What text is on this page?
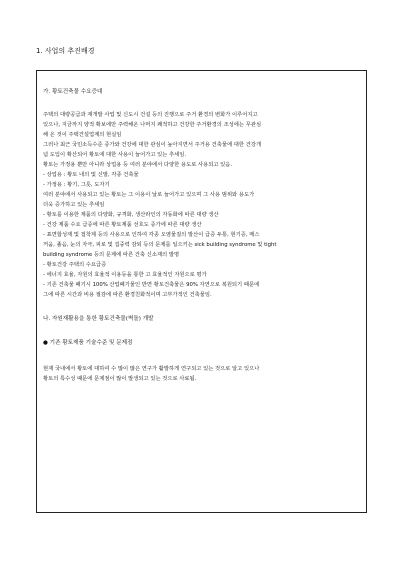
1. 사업의 추진배경
가. 황토건축물 수요증대
주택의 대량공급과 재개발 사업 및 신도시 건설 등의 진행으로 주거 환경의 변화가 이루어지고
있으나, 지금까지 양적 확보에만 주력해온 나머지 쾌적하고 건강한 주거환경의 조성에는 무관심
해 온 것이 주택건설업계의 현실임
그러나 최근 국민소득수준 증가와 건강에 대한 관심이 높아지면서 주거용 건축물에 대한 건강개
념 도입이 확산되어 황토에 대한 사용이 늘어가고 있는 추세임.
황토는 가정용 뿐만 아니라 상업용 등 여러 분야에서 다양한 용도로 사용되고 있음.
- 상업용 : 황토 내의 및 신발, 각종 건축물
- 가정용 : 황기, 그릇, 도자기
여러 분야에서 사용되고 있는 황토는 그 이용이 날로 늘어가고 있으며 그 사용 범위와 용도가
더욱 증가하고 있는 추세임
- 황토를 이용한 제품의 다양화, 규격화, 생산라인의 자동화에 따른 대량 생산
- 건강 제품 수요 급증에 따른 황토제품 선호도 증가에 따른 대량 생산
- 표면합성재 및 접착제 등의 사용으로 인하여 각종 오염물질의 발산이 급증 두통, 현기증, 메스
꺼움, 졸음, 눈의 자극, 피로 및 집중력 감퇴 등의 문제를 일으키는 sick building syndrome 및 tight
building syndrome 등의 문제에 따른 건축 신소재의 발명
- 황토건강 주택의 수요급증
- 에너지 효율, 자원의 효율적 이용등을 통한 고 효율적인 자원으로 평가
- 기존 건축물 폐기시 100% 산업폐기물인 반면 황토건축물은 90% 자연으로 복원되기 때문에
그에 따른 시간과 비용 절감에 따른 환경친화적이며 고부가적인 건축물임.
나. 자원재활용을 통한 황토건축물(벽돌) 개발
● 기존 황토제품 기술수준 및 문제점
현재 국내에서 황토에 대하여 수 많이 많은 연구가 활발하게 연구되고 있는 것으로 알고 있으나
황토의 특수성 때문에 문제점이 많이 발생되고 있는 것으로 사료됨.
